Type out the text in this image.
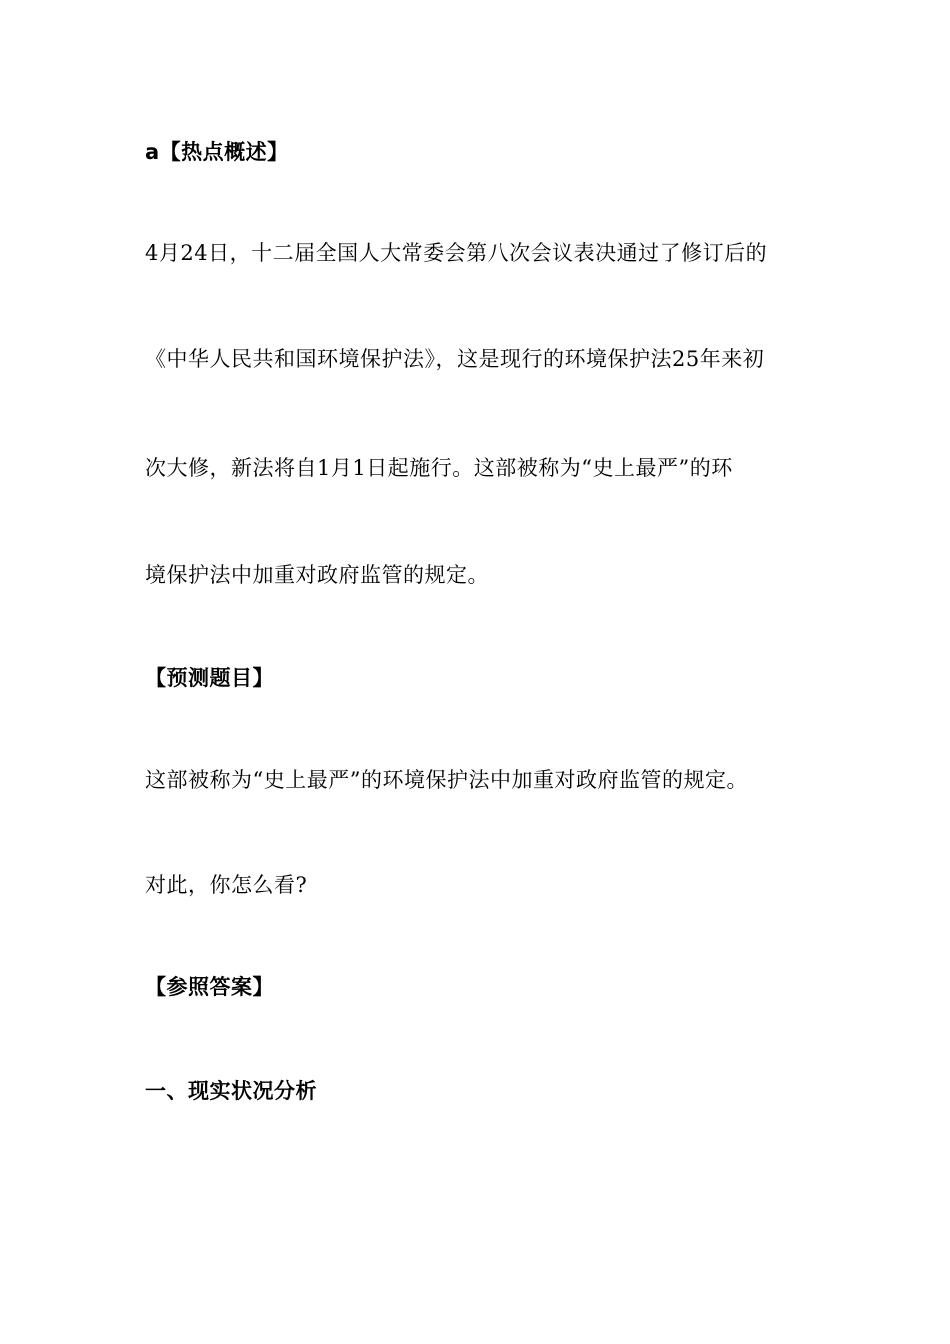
a【热点概述】
4月24日，十二届全国人大常委会第八次会议表决通过了修订后的
《中华人民共和国环境保护法》，这是现行的环境保护法25年来初
次大修，新法将自1月1日起施行。这部被称为“史上最严”的环
境保护法中加重对政府监管的规定。
【预测题目】
这部被称为“史上最严”的环境保护法中加重对政府监管的规定。
对此，你怎么看?
【参照答案】
一、现实状况分析
